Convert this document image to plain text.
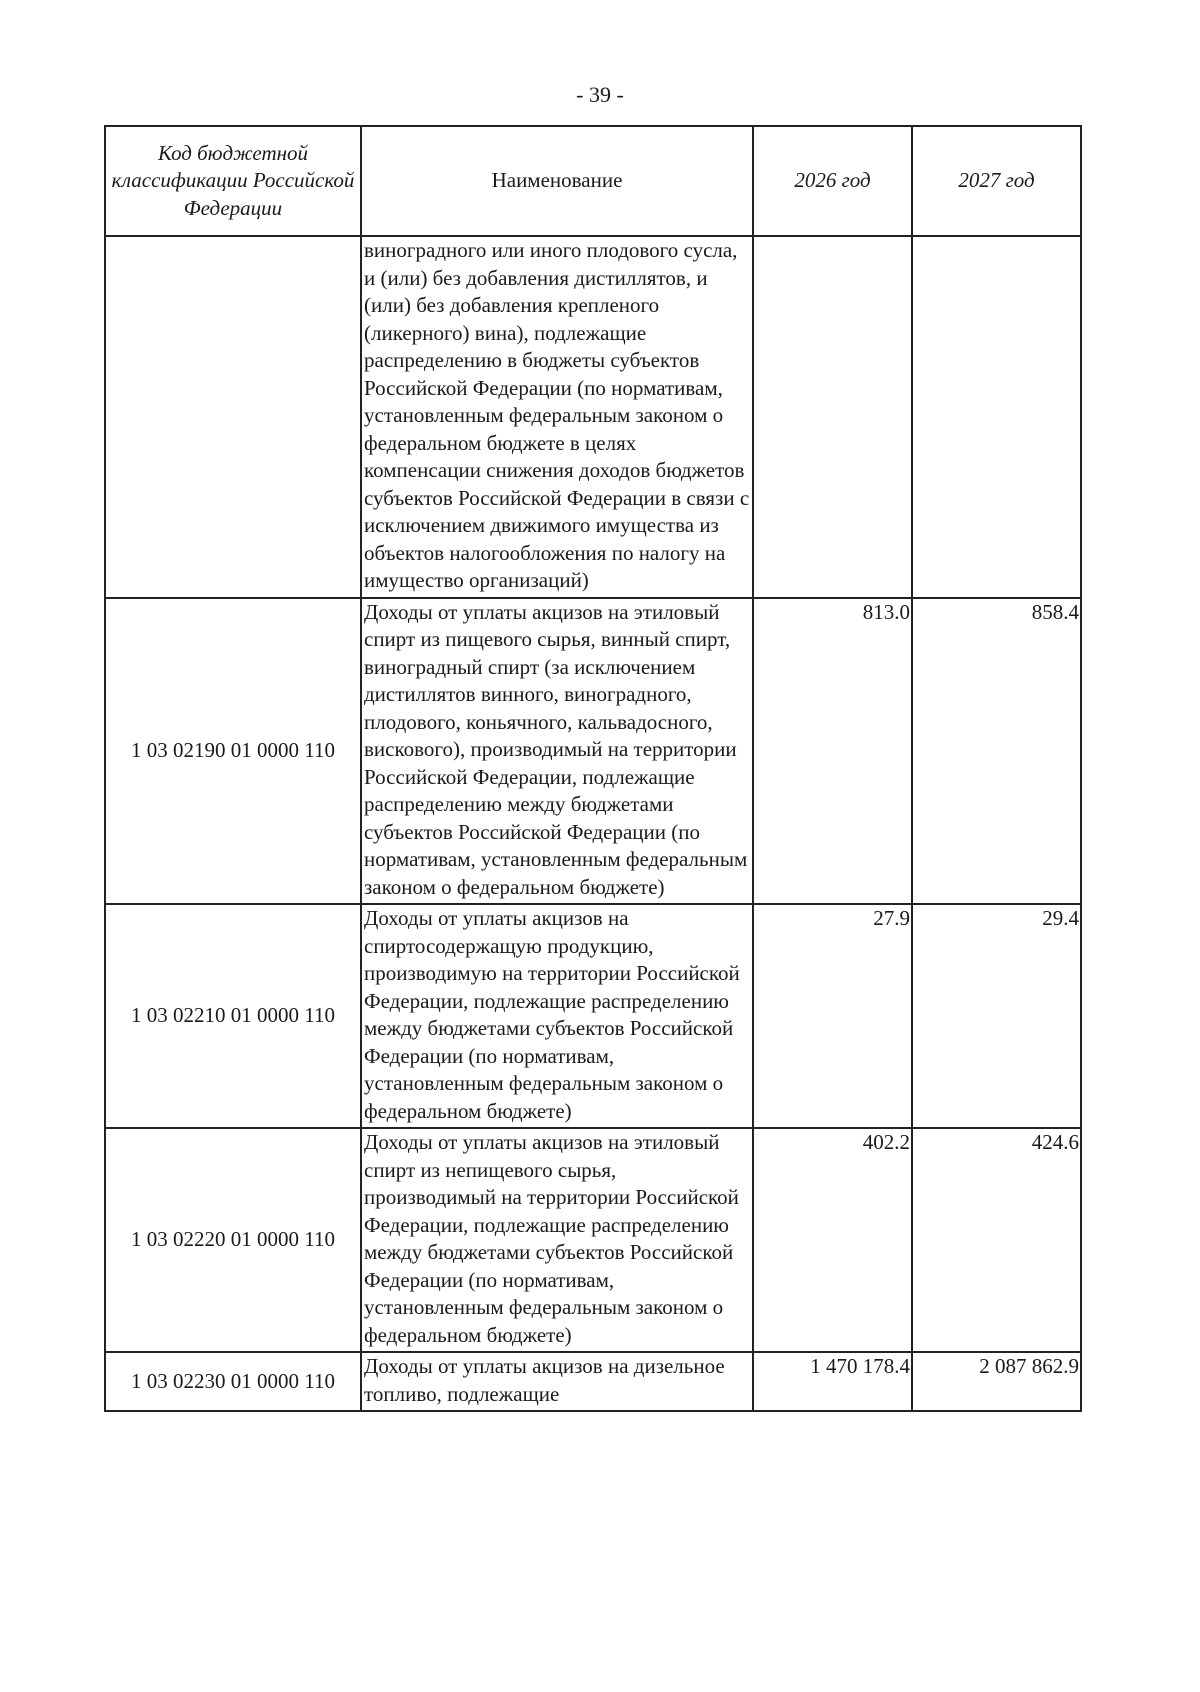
- 39 -
Код бюджетной классификации Российской Федерации	Наименование	2026 год	2027 год
	виноградного или иного плодового сусла, и (или) без добавления дистиллятов, и (или) без добавления крепленого (ликерного) вина), подлежащие распределению в бюджеты субъектов Российской Федерации (по нормативам, установленным федеральным законом о федеральном бюджете в целях компенсации снижения доходов бюджетов субъектов Российской Федерации в связи с исключением движимого имущества из объектов налогообложения по налогу на имущество организаций)		
1 03 02190 01 0000 110	Доходы от уплаты акцизов на этиловый спирт из пищевого сырья, винный спирт, виноградный спирт (за исключением дистиллятов винного, виноградного, плодового, коньячного, кальвадосного, вискового), производимый на территории Российской Федерации, подлежащие распределению между бюджетами субъектов Российской Федерации (по нормативам, установленным федеральным законом о федеральном бюджете)	813.0	858.4
1 03 02210 01 0000 110	Доходы от уплаты акцизов на спиртосодержащую продукцию, производимую на территории Российской Федерации, подлежащие распределению между бюджетами субъектов Российской Федерации (по нормативам, установленным федеральным законом о федеральном бюджете)	27.9	29.4
1 03 02220 01 0000 110	Доходы от уплаты акцизов на этиловый спирт из непищевого сырья, производимый на территории Российской Федерации, подлежащие распределению между бюджетами субъектов Российской Федерации (по нормативам, установленным федеральным законом о федеральном бюджете)	402.2	424.6
1 03 02230 01 0000 110	Доходы от уплаты акцизов на дизельное топливо, подлежащие	1 470 178.4	2 087 862.9
